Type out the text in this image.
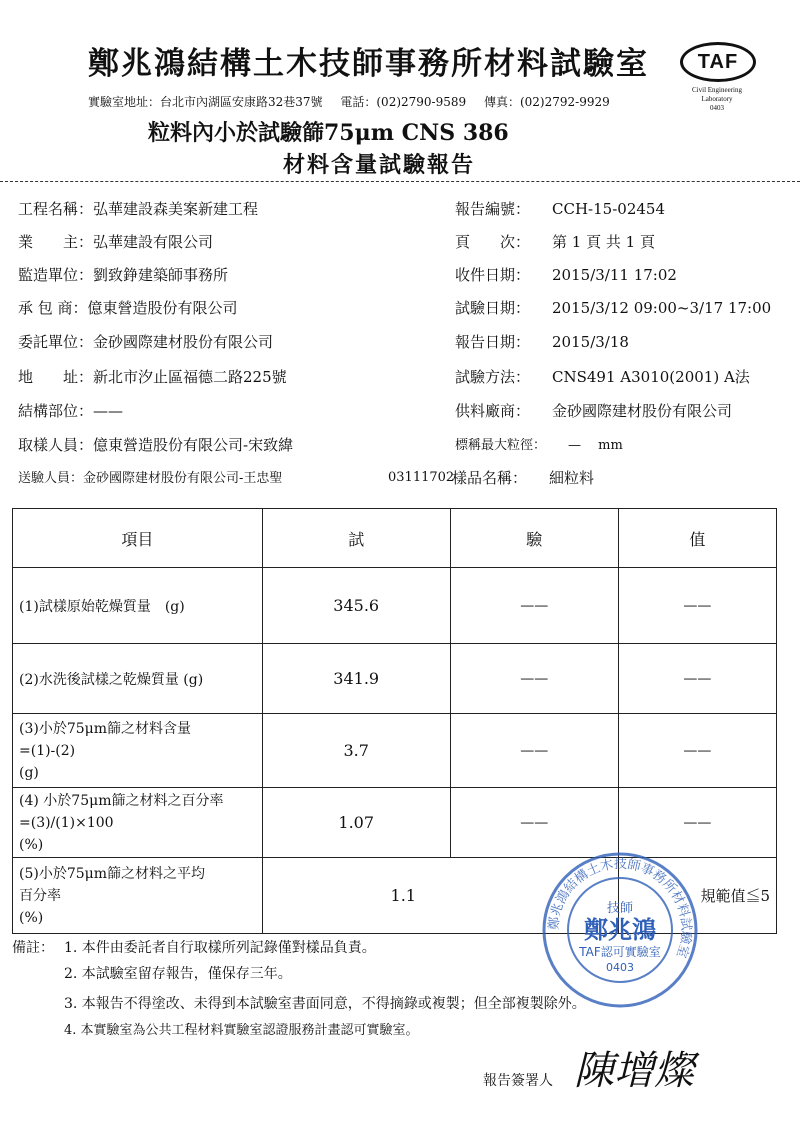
鄭兆鴻結構土木技師事務所材料試驗室
實驗室地址：台北市內湖區安康路32巷37號 電話：(02)2790-9589 傳真：(02)2792-9929
TAF
Civil Engineering
Laboratory
0403
粒料內小於試驗篩75μm CNS 386
材料含量試驗報告
工程名稱：弘華建設森美案新建工程
業　　主：弘華建設有限公司
監造單位：劉致錚建築師事務所
承 包 商：億東營造股份有限公司
委託單位：金砂國際建材股份有限公司
地　　址：新北市汐止區福德二路225號
結構部位：——
取樣人員：億東營造股份有限公司-宋致緯
送驗人員：金砂國際建材股份有限公司-王忠聖
報告編號： CCH-15-02454
頁　　次： 第 1 頁 共 1 頁
收件日期： 2015/3/11 17:02
試驗日期： 2015/3/12 09:00~3/17 17:00
報告日期： 2015/3/18
試驗方法： CNS491 A3010(2001) A法
供料廠商： 金砂國際建材股份有限公司
標稱最大粒徑： —　 mm
樣品名稱： 細粒料
03111702
項目	試	驗	值
(1)試樣原始乾燥質量　(g)	345.6	——	——
(2)水洗後試樣之乾燥質量 (g)	341.9	——	——

(3)小於75μm篩之材料含量
=(1)-(2)
(g)	3.7	——	——

(4) 小於75μm篩之材料之百分率
=(3)/(1)×100
(%)	1.07	——	——

(5)小於75μm篩之材料之平均
百分率
(%)	1.1		規範值≦5
鄭兆鴻結構土木技師事務所材料試驗室
技師
鄭兆鴻
TAF認可實驗室
0403
備註： 1. 本件由委託者自行取樣所列記錄僅對樣品負責。
2. 本試驗室留存報告，僅保存三年。
3. 本報告不得塗改、未得到本試驗室書面同意，不得摘錄或複製；但全部複製除外。
4. 本實驗室為公共工程材料實驗室認證服務計畫認可實驗室。
報告簽署人 陳增燦
